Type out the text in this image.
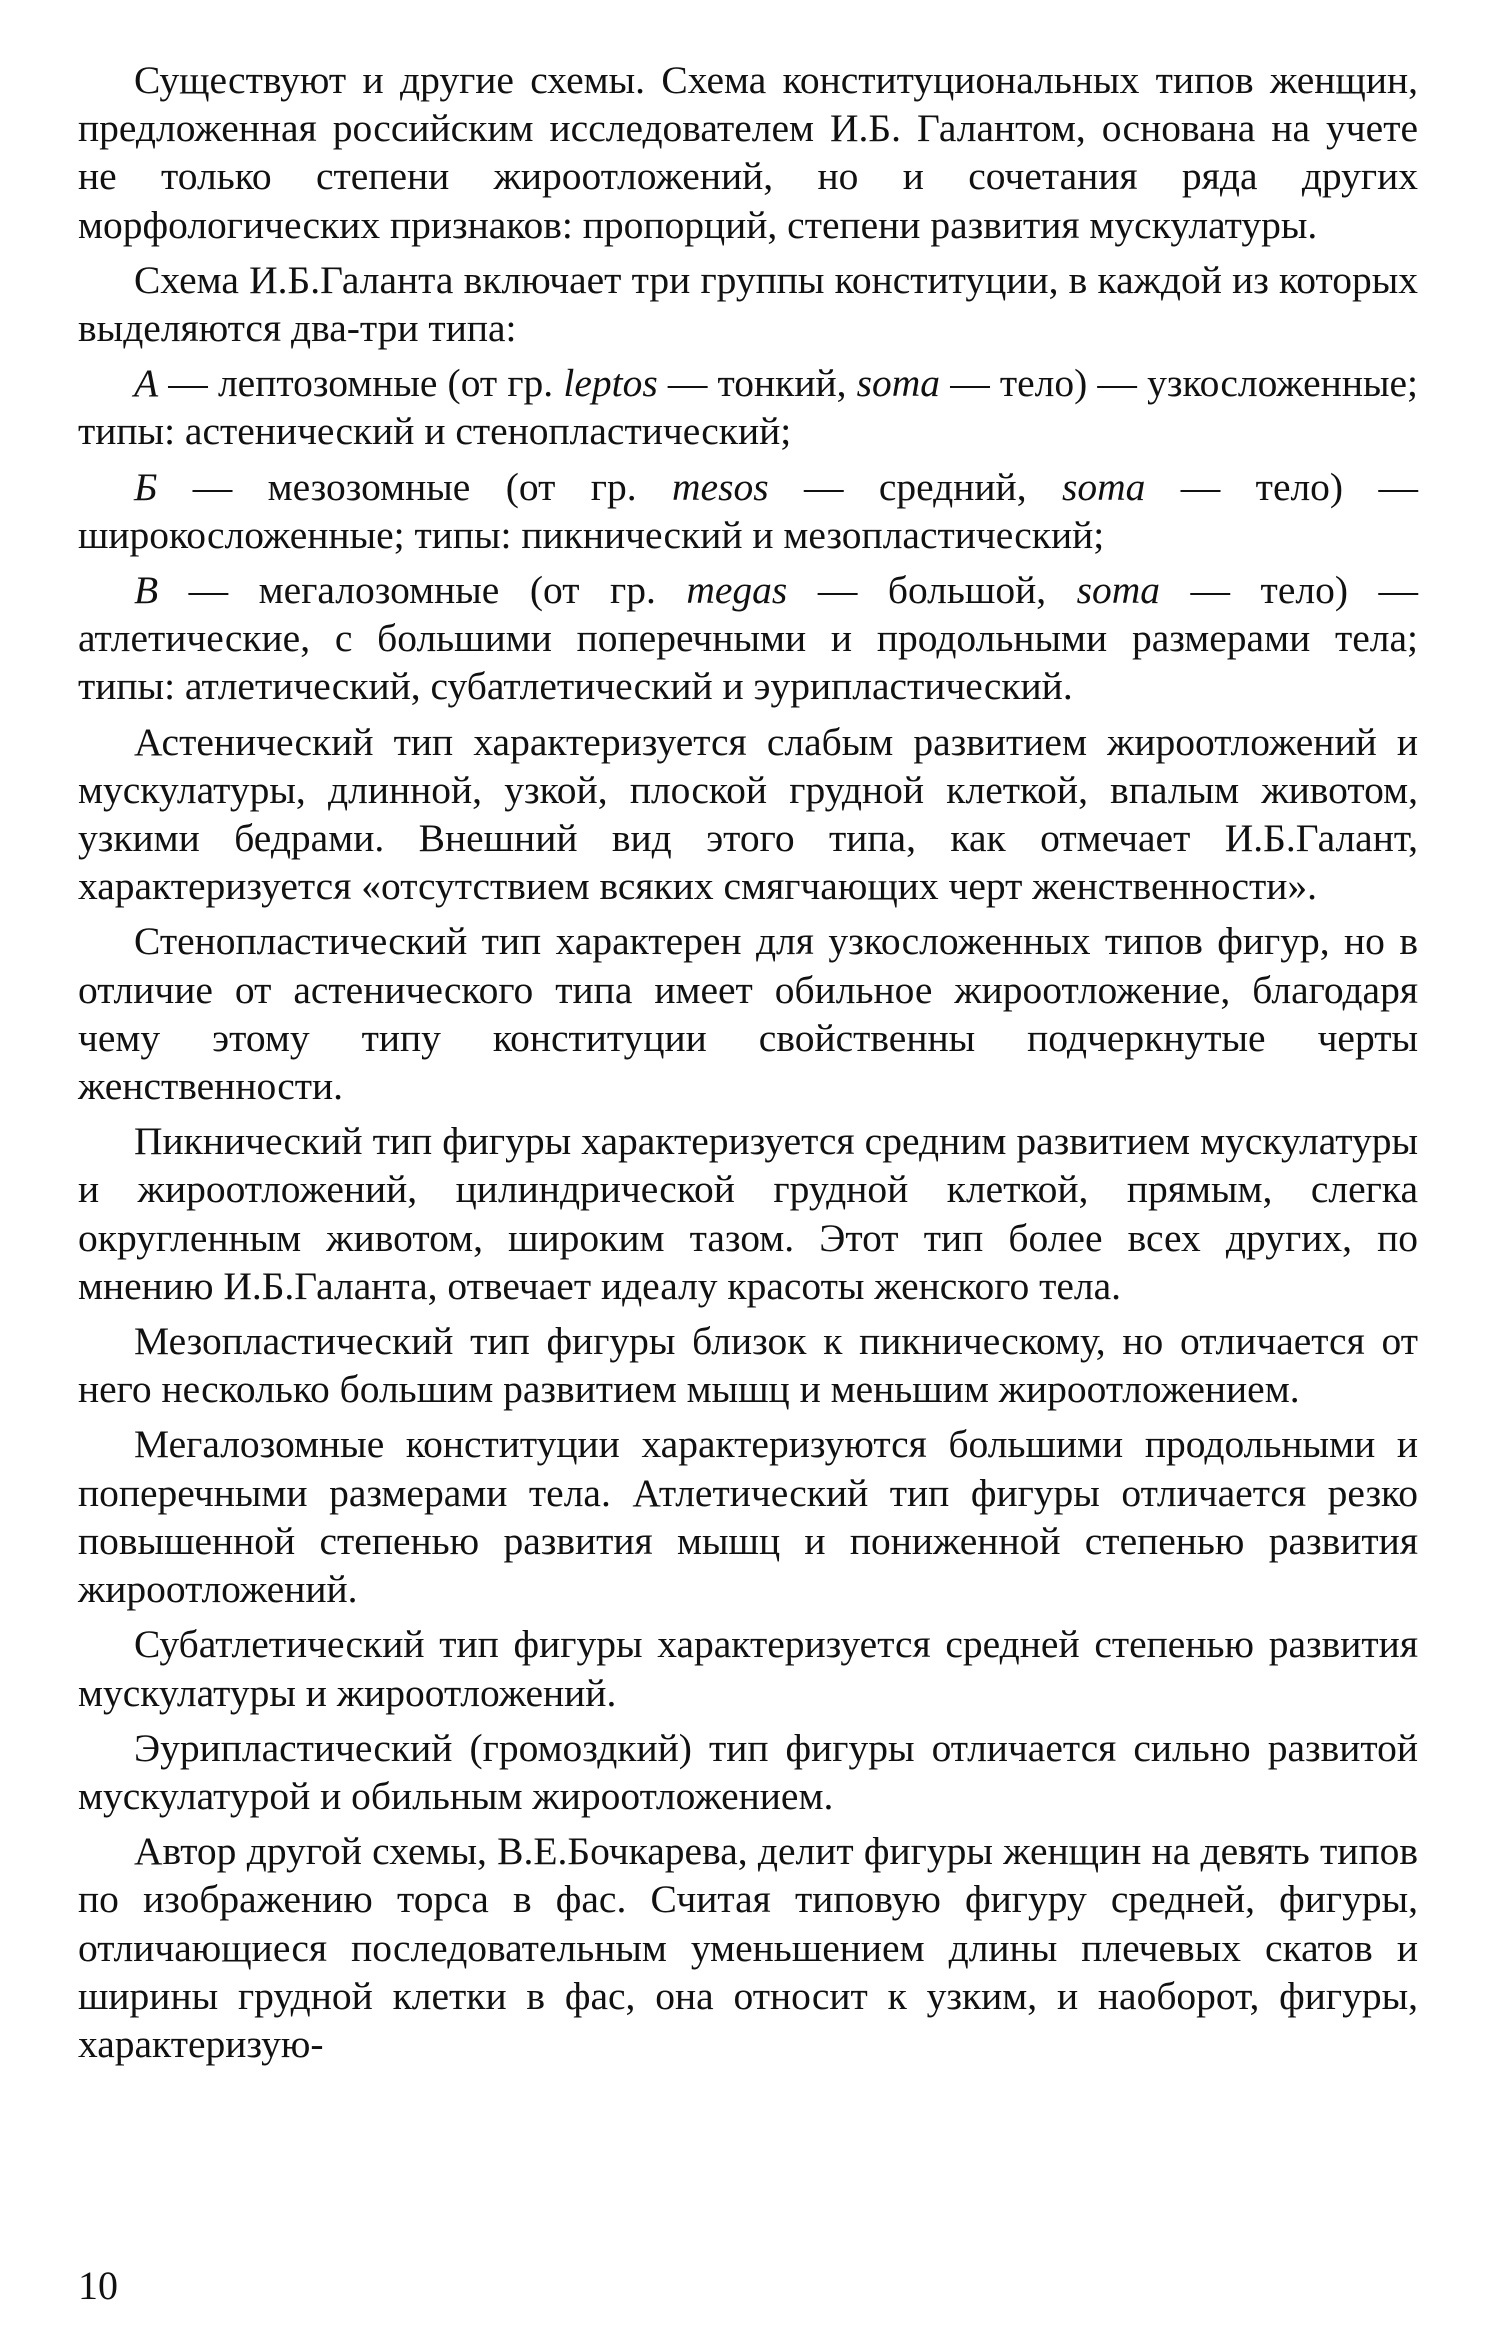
Существуют и другие схемы. Схема конституциональных типов женщин, предложенная российским исследователем И.Б. Галантом, основана на учете не только степени жироотложений, но и сочетания ряда других морфологических признаков: пропорций, степени развития мускулатуры.

Схема И.Б.Галанта включает три группы конституции, в каждой из которых выделяются два-три типа:

А — лептозомные (от гр. leptos — тонкий, soma — тело) — узкосложенные; типы: астенический и стенопластический;

Б — мезозомные (от гр. mesos — средний, soma — тело) — широкосложенные; типы: пикнический и мезопластический;

В — мегалозомные (от гр. megas — большой, soma — тело) — атлетические, с большими поперечными и продольными размерами тела; типы: атлетический, субатлетический и эурипластический.

Астенический тип характеризуется слабым развитием жироотложений и мускулатуры, длинной, узкой, плоской грудной клеткой, впалым животом, узкими бедрами. Внешний вид этого типа, как отмечает И.Б.Галант, характеризуется «отсутствием всяких смягчающих черт женственности».

Стенопластический тип характерен для узкосложенных типов фигур, но в отличие от астенического типа имеет обильное жироотложение, благодаря чему этому типу конституции свойственны подчеркнутые черты женственности.

Пикнический тип фигуры характеризуется средним развитием мускулатуры и жироотложений, цилиндрической грудной клеткой, прямым, слегка округленным животом, широким тазом. Этот тип более всех других, по мнению И.Б.Галанта, отвечает идеалу красоты женского тела.

Мезопластический тип фигуры близок к пикническому, но отличается от него несколько большим развитием мышц и меньшим жироотложением.

Мегалозомные конституции характеризуются большими продольными и поперечными размерами тела. Атлетический тип фигуры отличается резко повышенной степенью развития мышц и пониженной степенью развития жироотложений.

Субатлетический тип фигуры характеризуется средней степенью развития мускулатуры и жироотложений.

Эурипластический (громоздкий) тип фигуры отличается сильно развитой мускулатурой и обильным жироотложением.

Автор другой схемы, В.Е.Бочкарева, делит фигуры женщин на девять типов по изображению торса в фас. Считая типовую фигуру средней, фигуры, отличающиеся последовательным уменьшением длины плечевых скатов и ширины грудной клетки в фас, она относит к узким, и наоборот, фигуры, характеризую-

10
